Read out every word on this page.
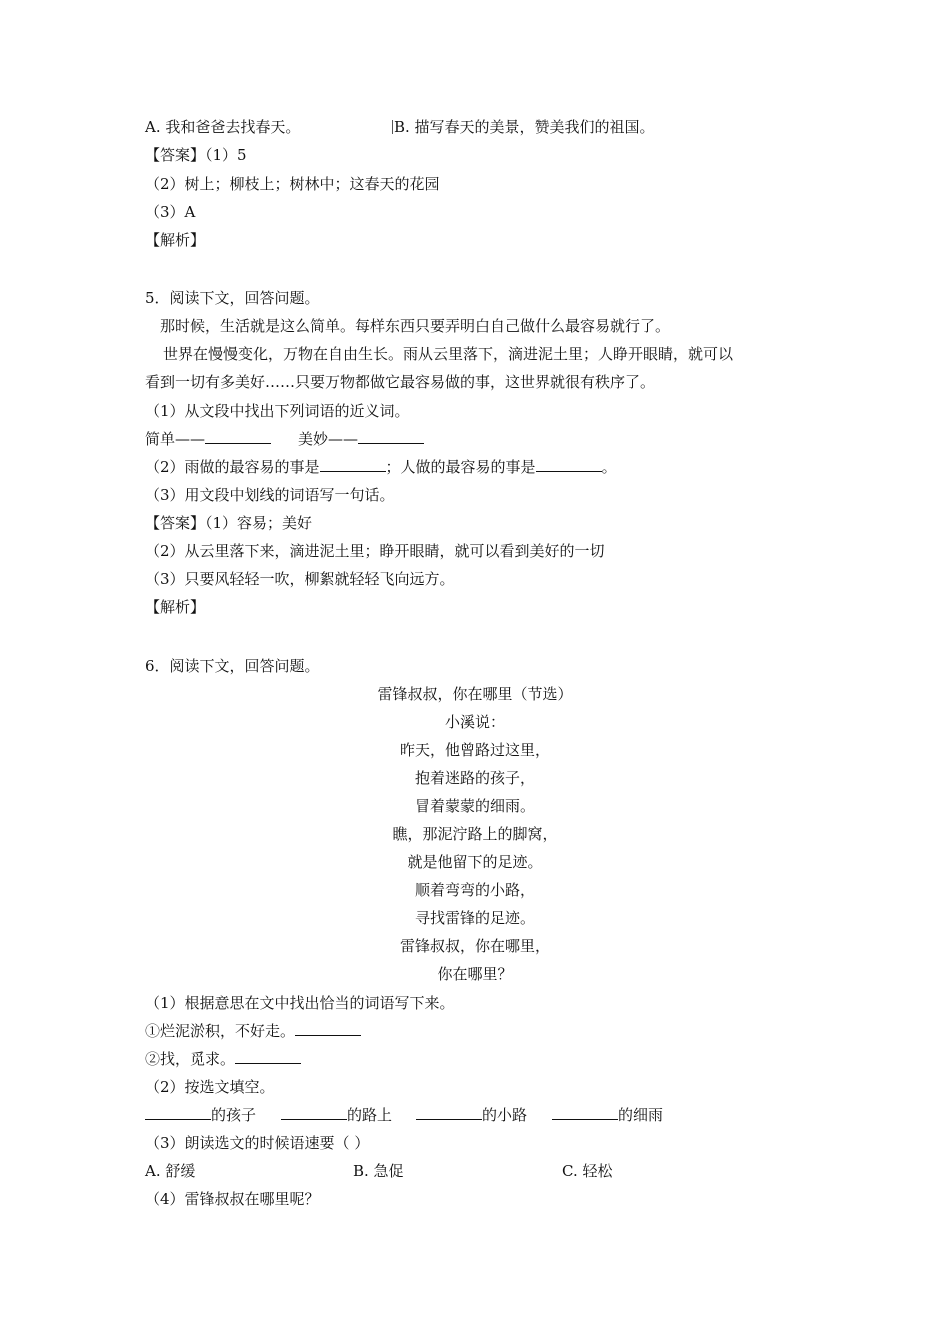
A. 我和爸爸去找春天。	B. 描写春天的美景，赞美我们的祖国。
【答案】（1）5
（2）树上；柳枝上；树林中；这春天的花园
（3）A
【解析】
5．阅读下文，回答问题。
那时候，生活就是这么简单。每样东西只要弄明白自己做什么最容易就行了。
世界在慢慢变化，万物在自由生长。雨从云里落下，滴进泥土里；人睁开眼睛，就可以
看到一切有多美好……只要万物都做它最容易做的事，这世界就很有秩序了。
（1）从文段中找出下列词语的近义词。
简单——	美妙——
（2）雨做的最容易的事是	；人做的最容易的事是	。
（3）用文段中划线的词语写一句话。
【答案】（1）容易；美好
（2）从云里落下来，滴进泥土里；睁开眼睛，就可以看到美好的一切
（3）只要风轻轻一吹，柳絮就轻轻飞向远方。
【解析】
6．阅读下文，回答问题。
雷锋叔叔，你在哪里（节选）
小溪说：
昨天，他曾路过这里，
抱着迷路的孩子，
冒着蒙蒙的细雨。
瞧，那泥泞路上的脚窝，
就是他留下的足迹。
顺着弯弯的小路，
寻找雷锋的足迹。
雷锋叔叔，你在哪里，
你在哪里？
（1）根据意思在文中找出恰当的词语写下来。
①烂泥淤积，不好走。
②找，觅求。
（2）按选文填空。
的孩子	的路上	的小路	的细雨
（3）朗读选文的时候语速要（ ）
A. 舒缓	B. 急促	C. 轻松
（4）雷锋叔叔在哪里呢？
